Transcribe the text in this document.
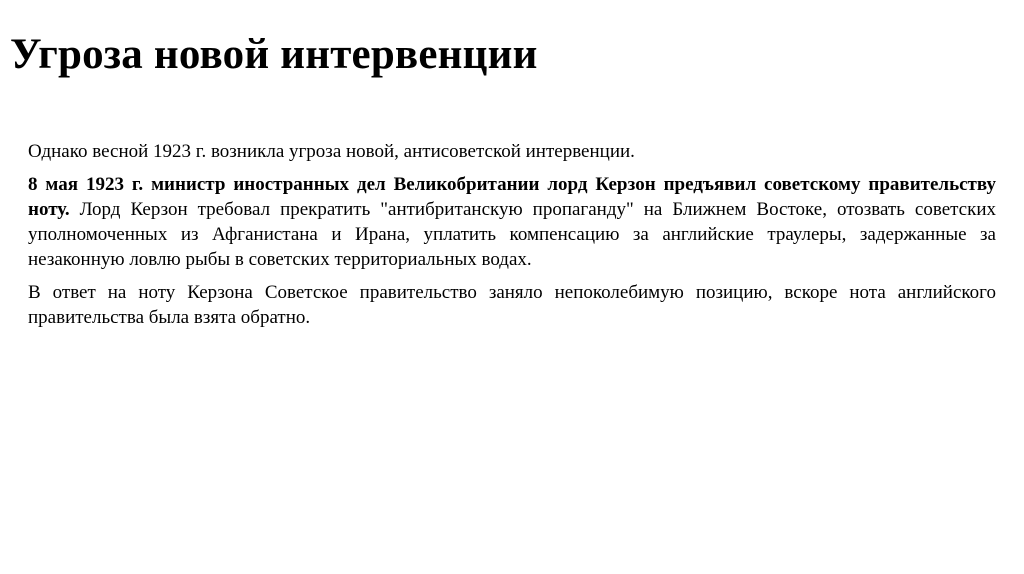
Угроза новой интервенции

Однако весной 1923 г. возникла угроза новой, антисоветской интервенции.

8 мая 1923 г. министр иностранных дел Великобритании лорд Керзон предъявил советскому правительству ноту. Лорд Керзон требовал прекратить "антибританскую пропаганду" на Ближнем Востоке, отозвать советских уполномоченных из Афганистана и Ирана, уплатить компенсацию за английские траулеры, задержанные за незаконную ловлю рыбы в советских территориальных водах.

В ответ на ноту Керзона Советское правительство заняло непоколебимую позицию, вскоре нота английского правительства была взята обратно.
